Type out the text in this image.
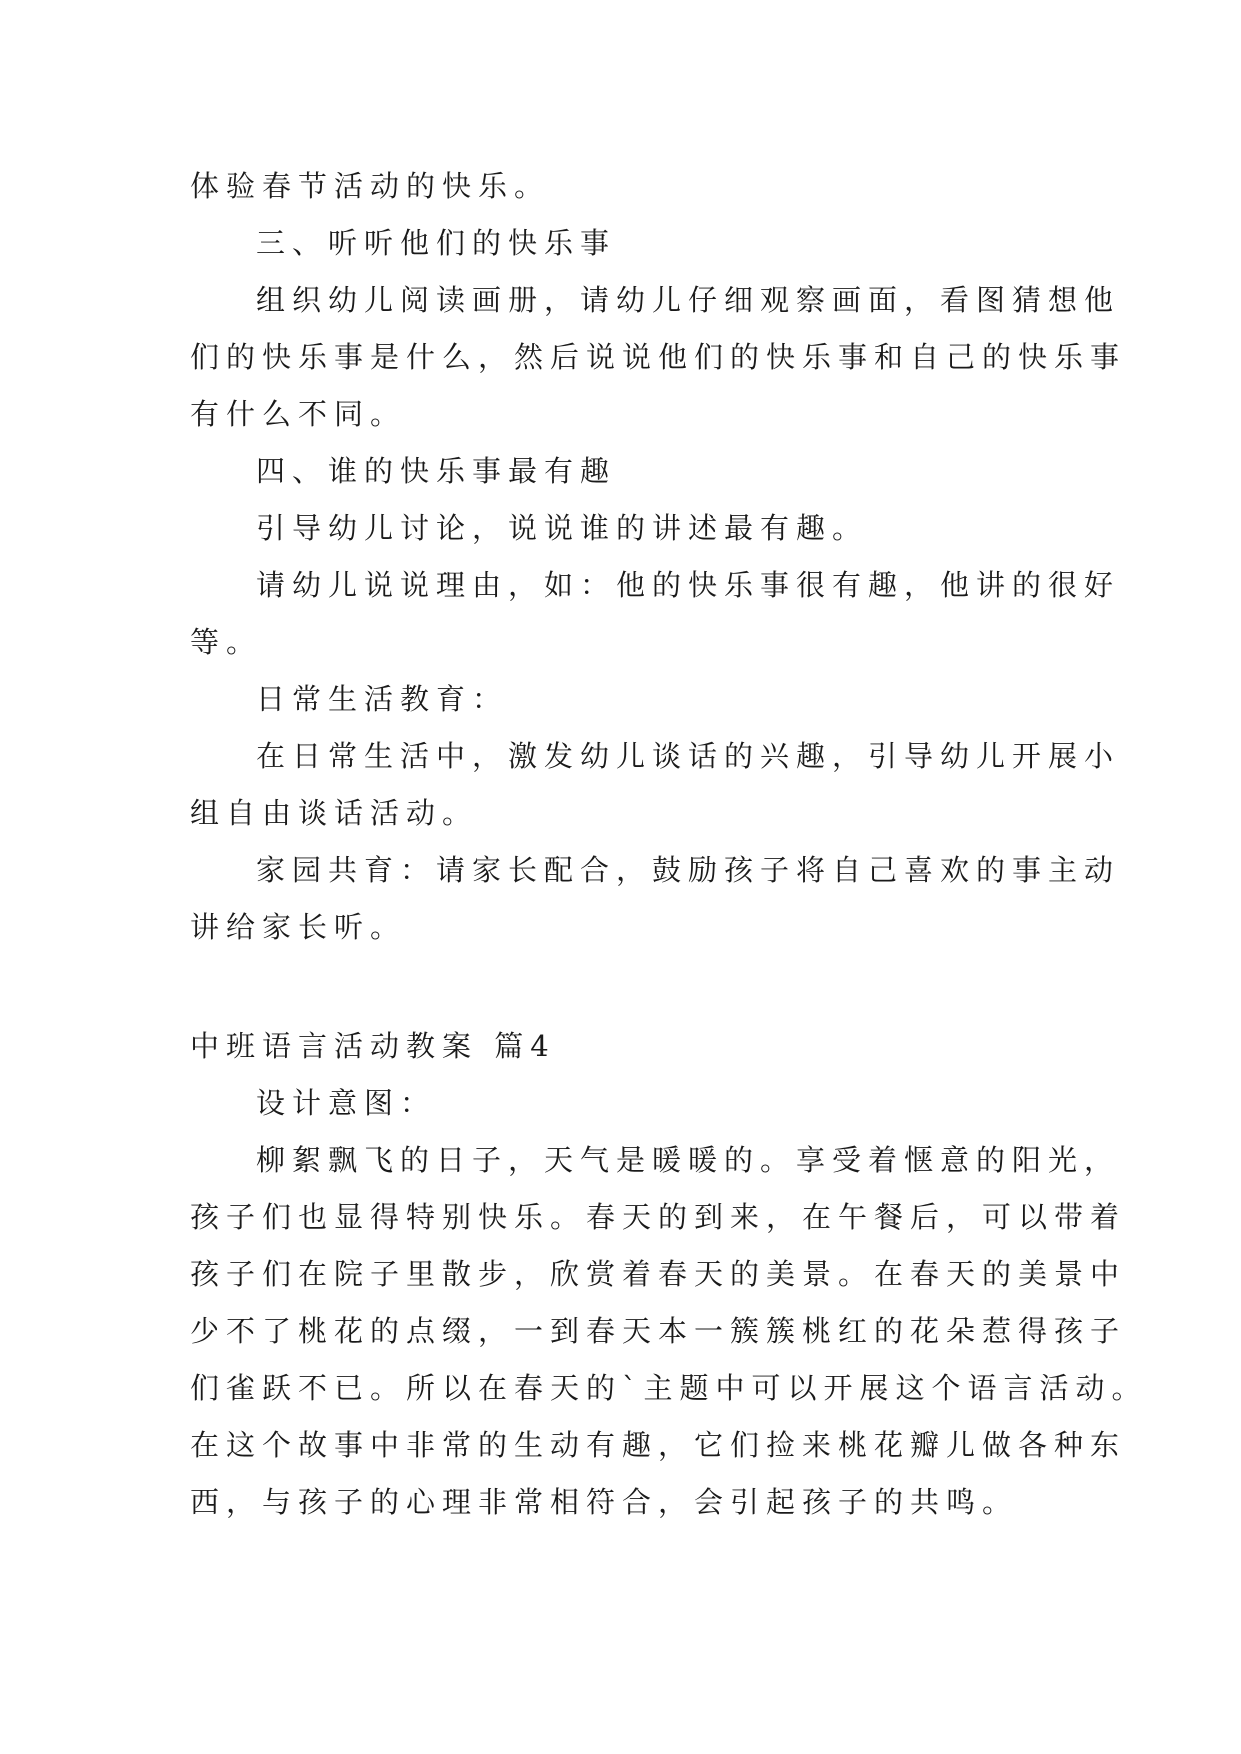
体验春节活动的快乐。

三、听听他们的快乐事

组织幼儿阅读画册，请幼儿仔细观察画面，看图猜想他

们的快乐事是什么，然后说说他们的快乐事和自己的快乐事

有什么不同。

四、谁的快乐事最有趣

引导幼儿讨论，说说谁的讲述最有趣。

请幼儿说说理由，如：他的快乐事很有趣，他讲的很好

等。

日常生活教育：

在日常生活中，激发幼儿谈话的兴趣，引导幼儿开展小

组自由谈话活动。

家园共育：请家长配合，鼓励孩子将自己喜欢的事主动

讲给家长听。

中班语言活动教案 篇4

设计意图：

柳絮飘飞的日子，天气是暖暖的。享受着惬意的阳光，

孩子们也显得特别快乐。春天的到来，在午餐后，可以带着

孩子们在院子里散步，欣赏着春天的美景。在春天的美景中

少不了桃花的点缀，一到春天本一簇簇桃红的花朵惹得孩子

们雀跃不已。所以在春天的`主题中可以开展这个语言活动。

在这个故事中非常的生动有趣，它们捡来桃花瓣儿做各种东

西，与孩子的心理非常相符合，会引起孩子的共鸣。
